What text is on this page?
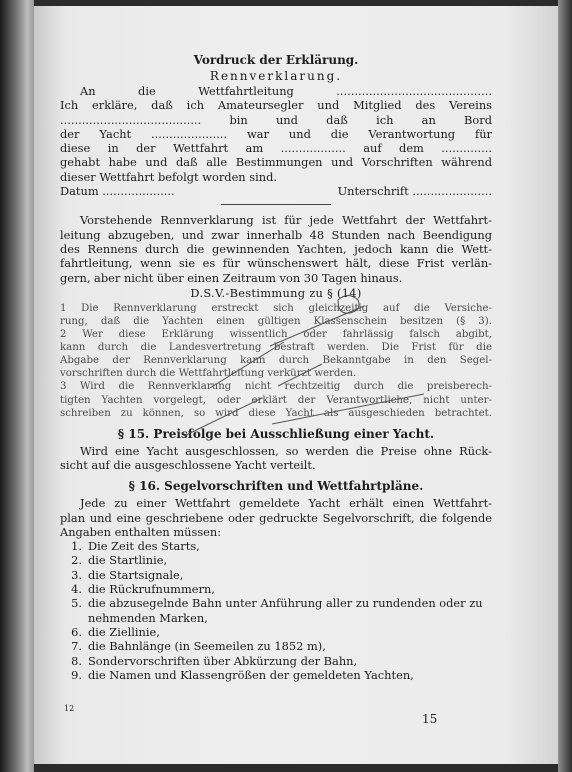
Vordruck der Erklärung.
Rennverklarung.
An die Wettfahrtleitung ...........................................
Ich erkläre, daß ich Amateursegler und Mitglied des Vereins
....................................... bin und daß ich an Bord
der Yacht ..................... war und die Verantwortung für
diese in der Wettfahrt am .................. auf dem ..............
gehabt habe und daß alle Bestimmungen und Vorschriften während
dieser Wettfahrt befolgt worden sind.
Datum ....................	Unterschrift ......................
Vorstehende Rennverklarung ist für jede Wettfahrt der Wettfahrt-
leitung abzugeben, und zwar innerhalb 48 Stunden nach Beendigung
des Rennens durch die gewinnenden Yachten, jedoch kann die Wett-
fahrtleitung, wenn sie es für wünschenswert hält, diese Frist verlän-
gern, aber nicht über einen Zeitraum von 30 Tagen hinaus.
D.S.V.-Bestimmung zu § (14)
1 Die Rennverklarung erstreckt sich gleichzeitig auf die Versiche-
rung, daß die Yachten einen gültigen Klassenschein besitzen (§ 3).
2 Wer diese Erklärung wissentlich oder fahrlässig falsch abgibt,
kann durch die Landesvertretung bestraft werden. Die Frist für die
Abgabe der Rennverklarung kann durch Bekanntgabe in den Segel-
vorschriften durch die Wettfahrtleitung verkürzt werden.
3 Wird die Rennverklarung nicht rechtzeitig durch die preisberech-
tigten Yachten vorgelegt, oder erklärt der Verantwortliche, nicht unter-
schreiben zu können, so wird diese Yacht als ausgeschieden betrachtet.
§ 15. Preisfolge bei Ausschließung einer Yacht.
Wird eine Yacht ausgeschlossen, so werden die Preise ohne Rück-
sicht auf die ausgeschlossene Yacht verteilt.
§ 16. Segelvorschriften und Wettfahrtpläne.
Jede zu einer Wettfahrt gemeldete Yacht erhält einen Wettfahrt-
plan und eine geschriebene oder gedruckte Segelvorschrift, die folgende
Angaben enthalten müssen:
1. Die Zeit des Starts,
2. die Startlinie,
3. die Startsignale,
4. die Rückrufnummern,
5. die abzusegelnde Bahn unter Anführung aller zu rundenden oder zu nehmenden Marken,
6. die Ziellinie,
7. die Bahnlänge (in Seemeilen zu 1852 m),
8. Sondervorschriften über Abkürzung der Bahn,
9. die Namen und Klassengrößen der gemeldeten Yachten,
12
15
